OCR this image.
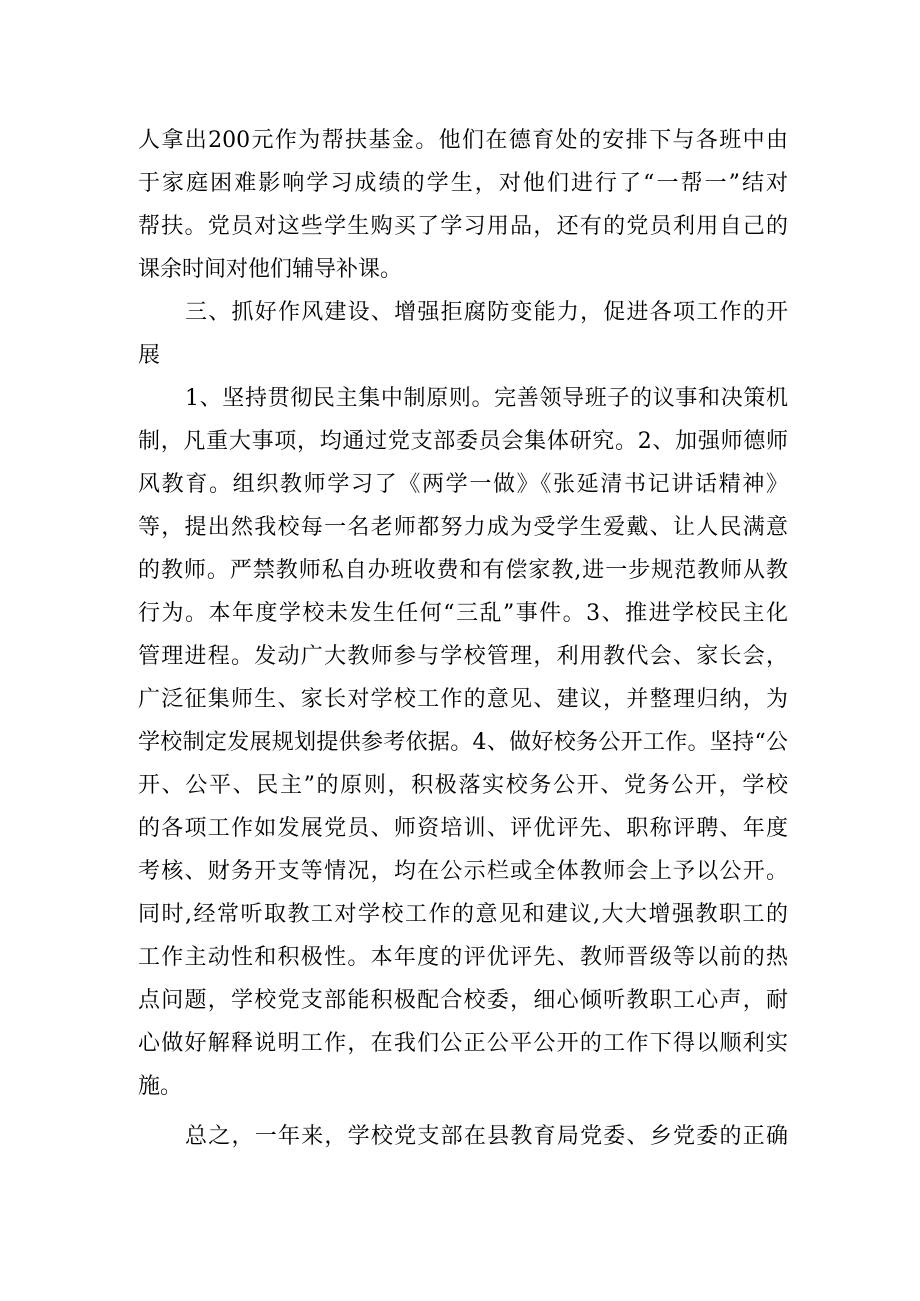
人拿出200元作为帮扶基金。他们在德育处的安排下与各班中由
于家庭困难影响学习成绩的学生，对他们进行了“一帮一”结对
帮扶。党员对这些学生购买了学习用品，还有的党员利用自己的
课余时间对他们辅导补课。
三、抓好作风建设、增强拒腐防变能力，促进各项工作的开
展
1、坚持贯彻民主集中制原则。完善领导班子的议事和决策机
制，凡重大事项，均通过党支部委员会集体研究。2、加强师德师
风教育。组织教师学习了《两学一做》《张延清书记讲话精神》
等，提出然我校每一名老师都努力成为受学生爱戴、让人民满意
的教师。严禁教师私自办班收费和有偿家教,进一步规范教师从教
行为。本年度学校未发生任何“三乱”事件。3、推进学校民主化
管理进程。发动广大教师参与学校管理，利用教代会、家长会，
广泛征集师生、家长对学校工作的意见、建议，并整理归纳，为
学校制定发展规划提供参考依据。4、做好校务公开工作。坚持“公
开、公平、民主”的原则，积极落实校务公开、党务公开，学校
的各项工作如发展党员、师资培训、评优评先、职称评聘、年度
考核、财务开支等情况，均在公示栏或全体教师会上予以公开。
同时,经常听取教工对学校工作的意见和建议,大大增强教职工的
工作主动性和积极性。本年度的评优评先、教师晋级等以前的热
点问题，学校党支部能积极配合校委，细心倾听教职工心声，耐
心做好解释说明工作，在我们公正公平公开的工作下得以顺利实
施。
总之，一年来，学校党支部在县教育局党委、乡党委的正确
